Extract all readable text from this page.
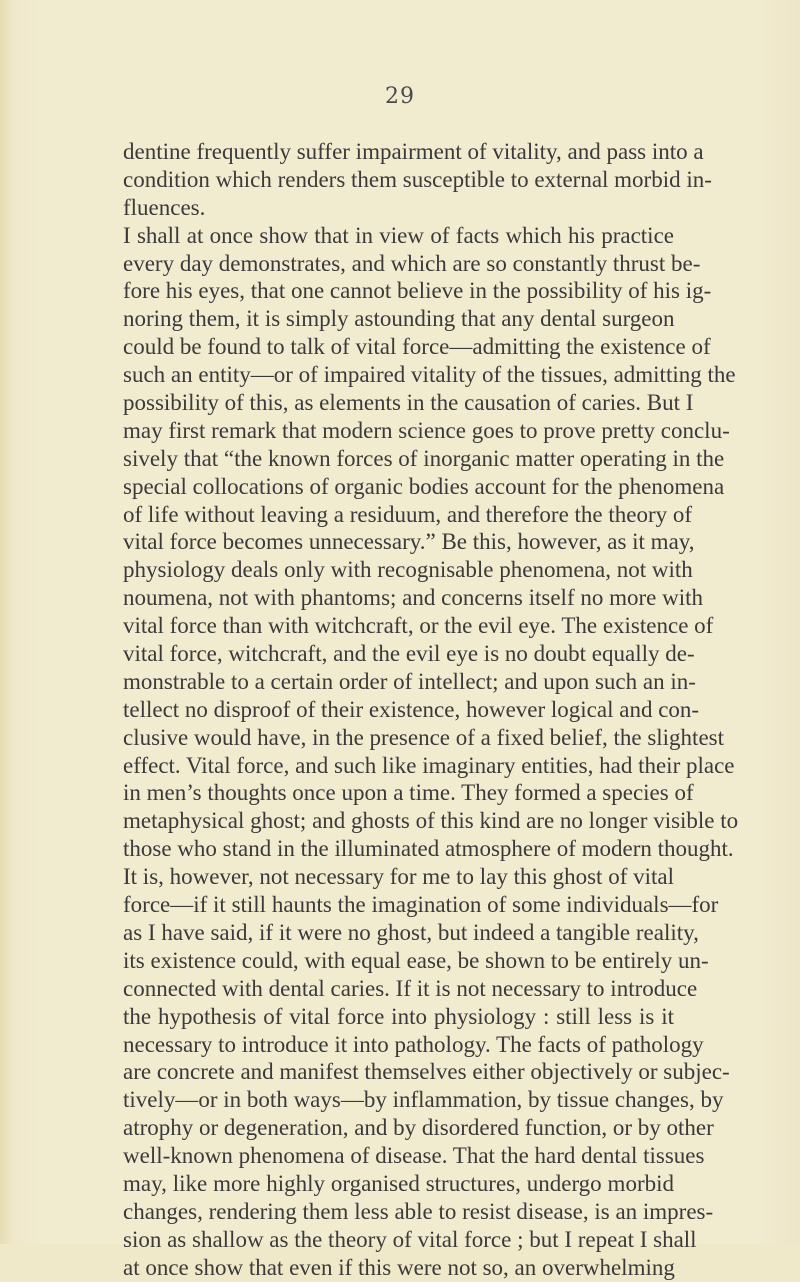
29
dentine frequently suffer impairment of vitality, and pass into a
condition which renders them susceptible to external morbid in-
fluences.
I shall at once show that in view of facts which his practice
every day demonstrates, and which are so constantly thrust be-
fore his eyes, that one cannot believe in the possibility of his ig-
noring them, it is simply astounding that any dental surgeon
could be found to talk of vital force—admitting the existence of
such an entity—or of impaired vitality of the tissues, admitting the
possibility of this, as elements in the causation of caries. But I
may first remark that modern science goes to prove pretty conclu-
sively that “the known forces of inorganic matter operating in the
special collocations of organic bodies account for the phenomena
of life without leaving a residuum, and therefore the theory of
vital force becomes unnecessary.” Be this, however, as it may,
physiology deals only with recognisable phenomena, not with
noumena, not with phantoms; and concerns itself no more with
vital force than with witchcraft, or the evil eye. The existence of
vital force, witchcraft, and the evil eye is no doubt equally de-
monstrable to a certain order of intellect; and upon such an in-
tellect no disproof of their existence, however logical and con-
clusive would have, in the presence of a fixed belief, the slightest
effect. Vital force, and such like imaginary entities, had their place
in men’s thoughts once upon a time. They formed a species of
metaphysical ghost; and ghosts of this kind are no longer visible to
those who stand in the illuminated atmosphere of modern thought.
It is, however, not necessary for me to lay this ghost of vital
force—if it still haunts the imagination of some individuals—for
as I have said, if it were no ghost, but indeed a tangible reality,
its existence could, with equal ease, be shown to be entirely un-
connected with dental caries. If it is not necessary to introduce
the hypothesis of vital force into physiology : still less is it
necessary to introduce it into pathology. The facts of pathology
are concrete and manifest themselves either objectively or subjec-
tively—or in both ways—by inflammation, by tissue changes, by
atrophy or degeneration, and by disordered function, or by other
well-known phenomena of disease. That the hard dental tissues
may, like more highly organised structures, undergo morbid
changes, rendering them less able to resist disease, is an impres-
sion as shallow as the theory of vital force ; but I repeat I shall
at once show that even if this were not so, an overwhelming
